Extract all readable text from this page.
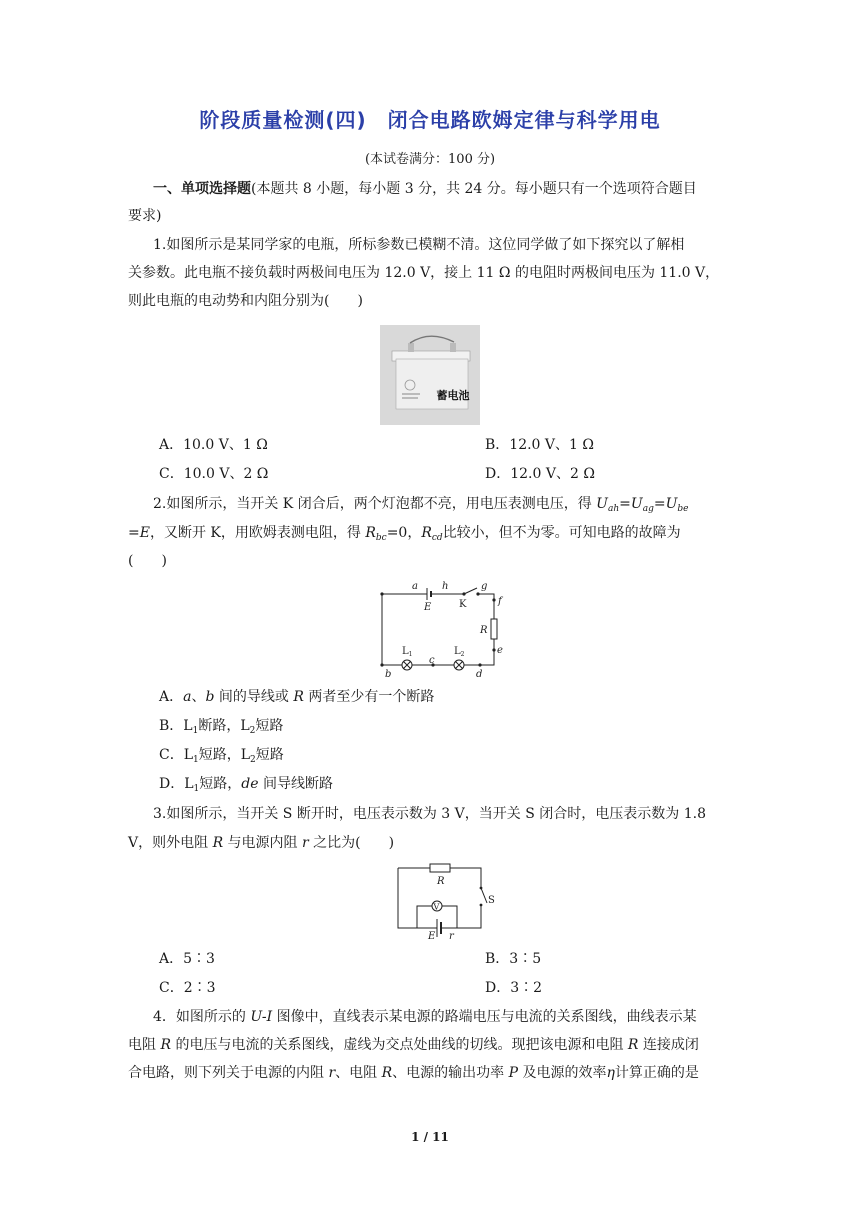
阶段质量检测(四)　闭合电路欧姆定律与科学用电
(本试卷满分：100 分)
一、单项选择题(本题共 8 小题，每小题 3 分，共 24 分。每小题只有一个选项符合题目
要求)
1.如图所示是某同学家的电瓶，所标参数已模糊不清。这位同学做了如下探究以了解相
关参数。此电瓶不接负载时两极间电压为 12.0 V，接上 11 Ω 的电阻时两极间电压为 11.0 V，
则此电瓶的电动势和内阻分别为(　　)
蓄电池
A．10.0 V、1 Ω	B．12.0 V、1 Ω
C．10.0 V、2 Ω	D．12.0 V、2 Ω
2.如图所示，当开关 K 闭合后，两个灯泡都不亮，用电压表测电压，得 $U_{ah}=U_{ag}=U_{be}$
=E，又断开 K，用欧姆表测电阻，得 $R_{bc}=0$，$R_{cd}$比较小，但不为零。可知电路的故障为
(　　)
a h	g
f
E	K
R
e
b
c
d
$L_1$	$L_2$
A．a、b 间的导线或 R 两者至少有一个断路
B．$L_1$断路，$L_2$短路
C．$L_1$短路，$L_2$短路
D．$L_1$短路，de 间导线断路
3.如图所示，当开关 S 断开时，电压表示数为 3 V，当开关 S 闭合时，电压表示数为 1.8
V，则外电阻 R 与电源内阻 r 之比为(　　)
R
V
S
E r
A．5∶3	B．3∶5
C．2∶3	D．3∶2
4．如图所示的 U-I 图像中，直线表示某电源的路端电压与电流的关系图线，曲线表示某
电阻 R 的电压与电流的关系图线，虚线为交点处曲线的切线。现把该电源和电阻 R 连接成闭
合电路，则下列关于电源的内阻 r、电阻 R、电源的输出功率 P 及电源的效率η计算正确的是
1 / 11
